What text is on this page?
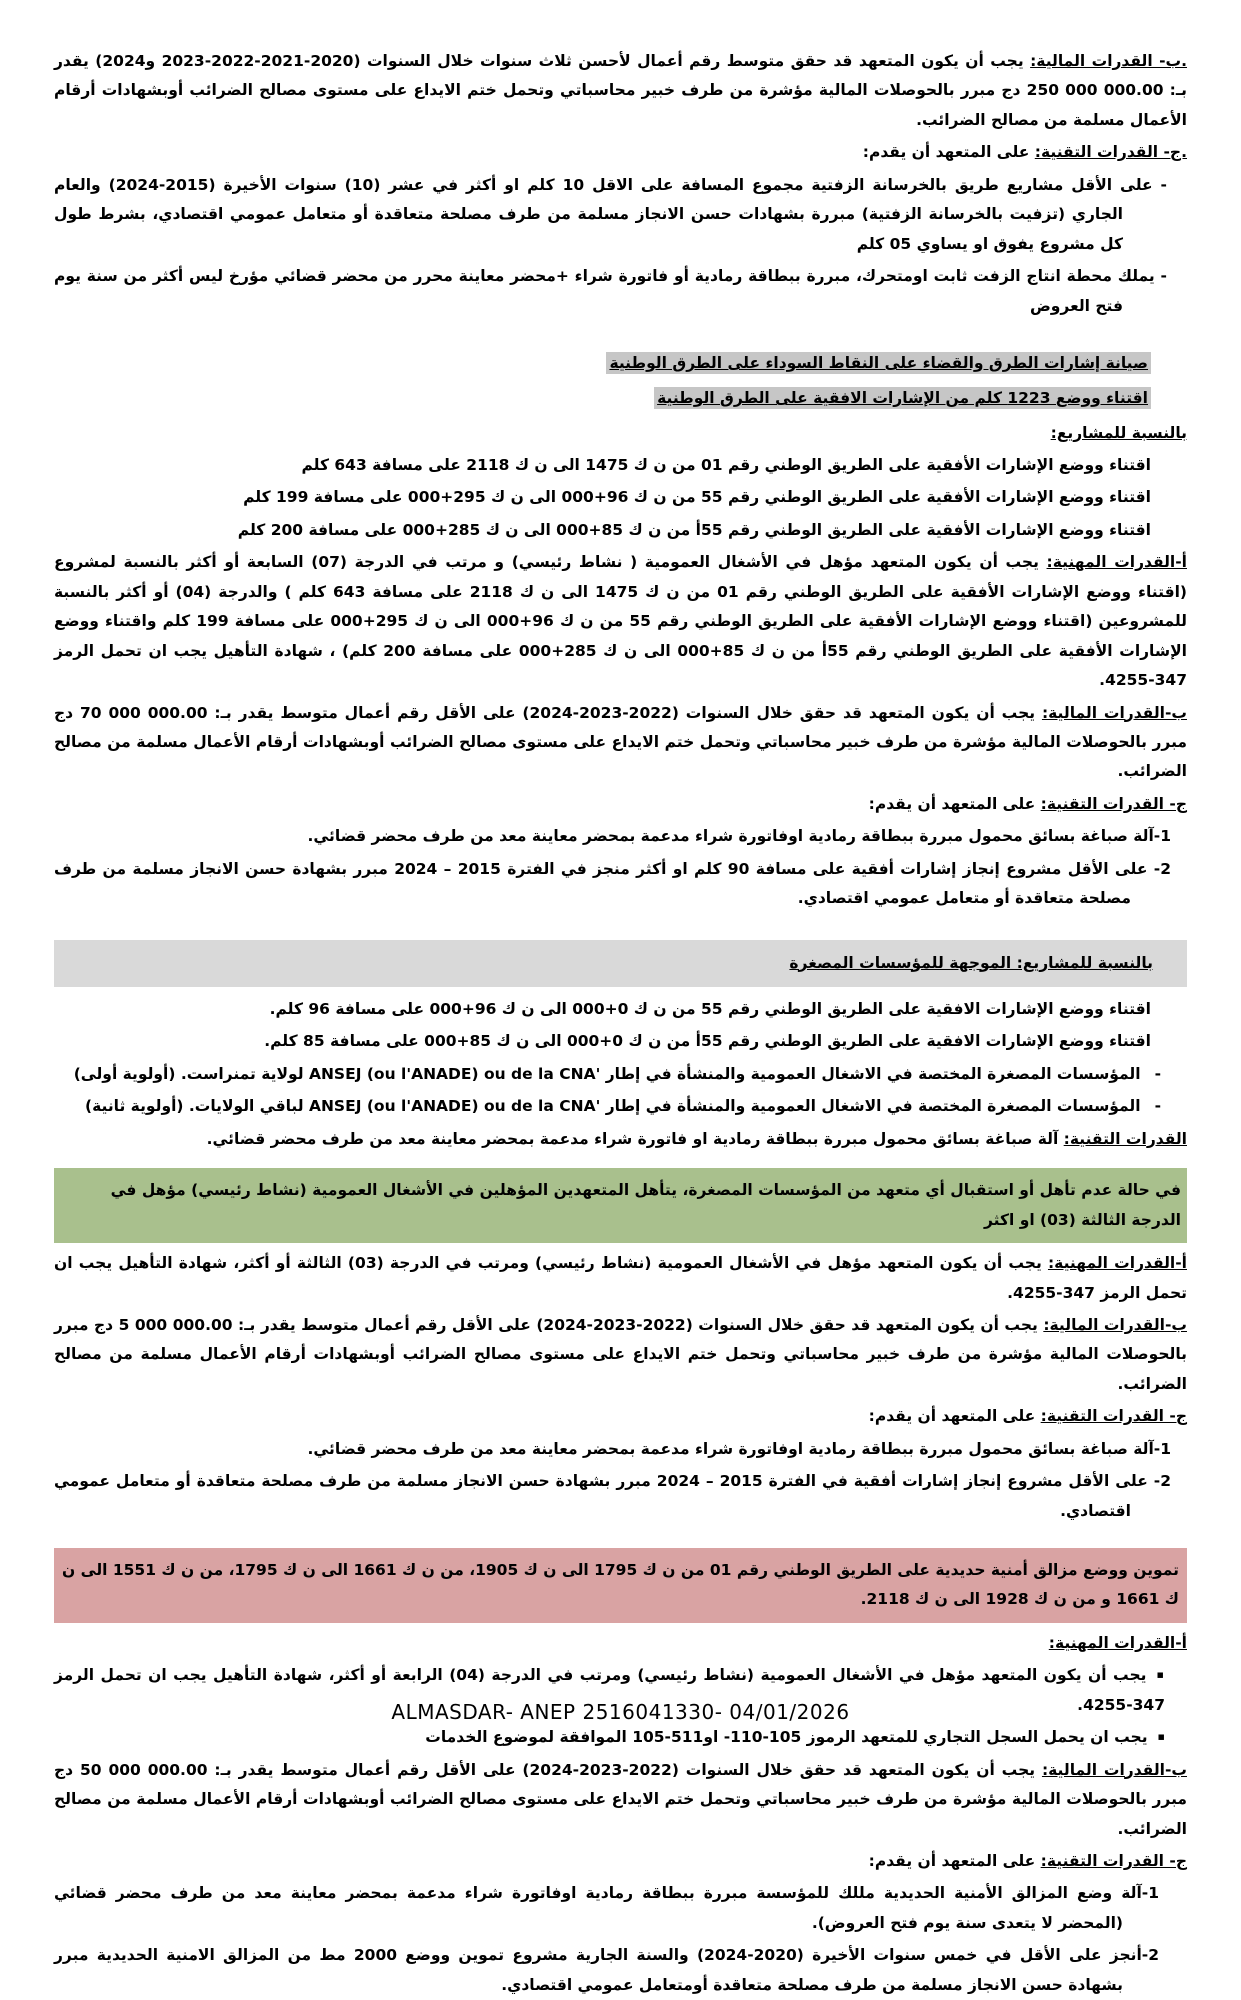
.ب- القدرات المالية: يجب أن يكون المتعهد قد حقق متوسط رقم أعمال لأحسن ثلاث سنوات خلال السنوات (2020-2021-2022-2023 و2024) يقدر بـ: 250 000 000.00 دج مبرر بالحوصلات المالية مؤشرة من طرف خبير محاسباتي وتحمل ختم الايداع على مستوى مصالح الضرائب أوبشهادات أرقام الأعمال مسلمة من مصالح الضرائب.

.ج- القدرات التقنية: على المتعهد أن يقدم:

- على الأقل مشاريع طريق بالخرسانة الزفتية مجموع المسافة على الاقل 10 كلم او أكثر في عشر (10) سنوات الأخيرة (2015-2024) والعام الجاري (تزفيت بالخرسانة الزفتية) مبررة بشهادات حسن الانجاز مسلمة من طرف مصلحة متعاقدة أو متعامل عمومي اقتصادي، بشرط طول كل مشروع يفوق او يساوي 05 كلم

- يملك محطة انتاج الزفت ثابت اومتحرك، مبررة ببطاقة رمادية أو فاتورة شراء +محضر معاينة محرر من محضر قضائي مؤرخ ليس أكثر من سنة يوم فتح العروض

صيانة إشارات الطرق والقضاء على النقاط السوداء على الطرق الوطنية
اقتناء ووضع 1223 كلم من الإشارات الافقية على الطرق الوطنية

بالنسبة للمشاريع:

اقتناء ووضع الإشارات الأفقية على الطريق الوطني رقم 01 من ن ك 1475 الى ن ك 2118 على مسافة 643 كلم

اقتناء ووضع الإشارات الأفقية على الطريق الوطني رقم 55 من ن ك 96+000 الى ن ك 295+000 على مسافة 199 كلم

اقتناء ووضع الإشارات الأفقية على الطريق الوطني رقم 55أ من ن ك 85+000 الى ن ك 285+000 على مسافة 200 كلم

أ-القدرات المهنية: يجب أن يكون المتعهد مؤهل في الأشغال العمومية ( نشاط رئيسي) و مرتب في الدرجة (07) السابعة أو أكثر بالنسبة لمشروع (اقتناء ووضع الإشارات الأفقية على الطريق الوطني رقم 01 من ن ك 1475 الى ن ك 2118 على مسافة 643 كلم ) والدرجة (04) أو أكثر بالنسبة للمشروعين (اقتناء ووضع الإشارات الأفقية على الطريق الوطني رقم 55 من ن ك 96+000 الى ن ك 295+000 على مسافة 199 كلم واقتناء ووضع الإشارات الأفقية على الطريق الوطني رقم 55أ من ن ك 85+000 الى ن ك 285+000 على مسافة 200 كلم) ، شهادة التأهيل يجب ان تحمل الرمز 347-4255.

ب-القدرات المالية: يجب أن يكون المتعهد قد حقق خلال السنوات (2022-2023-2024) على الأقل رقم أعمال متوسط يقدر بـ: 70 000 000.00 دج مبرر بالحوصلات المالية مؤشرة من طرف خبير محاسباتي وتحمل ختم الايداع على مستوى مصالح الضرائب أوبشهادات أرقام الأعمال مسلمة من مصالح الضرائب.

ج- القدرات التقنية: على المتعهد أن يقدم:

1-آلة صباغة بسائق محمول مبررة ببطاقة رمادية اوفاتورة شراء مدعمة بمحضر معاينة معد من طرف محضر قضائي.

2- على الأقل مشروع إنجاز إشارات أفقية على مسافة 90 كلم او أكثر منجز في الفترة 2015 – 2024 مبرر بشهادة حسن الانجاز مسلمة من طرف مصلحة متعاقدة أو متعامل عمومي اقتصادي.

بالنسبة للمشاريع: الموجهة للمؤسسات المصغرة

اقتناء ووضع الإشارات الافقية على الطريق الوطني رقم 55 من ن ك 0+000 الى ن ك 96+000 على مسافة 96 كلم.

اقتناء ووضع الإشارات الافقية على الطريق الوطني رقم 55أ من ن ك 0+000 الى ن ك 85+000 على مسافة 85 كلم.

-المؤسسات المصغرة المختصة في الاشغال العمومية والمنشأة في إطار 'ANSEJ (ou l'ANADE) ou de la CNA لولاية تمنراست. (أولوية أولى)

-المؤسسات المصغرة المختصة في الاشغال العمومية والمنشأة في إطار 'ANSEJ (ou l'ANADE) ou de la CNA لباقي الولايات. (أولوية ثانية)

القدرات التقنية: آلة صباغة بسائق محمول مبررة ببطاقة رمادية او فاتورة شراء مدعمة بمحضر معاينة معد من طرف محضر قضائي.

في حالة عدم تأهل أو استقبال أي متعهد من المؤسسات المصغرة، يتأهل المتعهدين المؤهلين في الأشغال العمومية (نشاط رئيسي) مؤهل في الدرجة الثالثة (03) او اكثر

أ-القدرات المهنية: يجب أن يكون المتعهد مؤهل في الأشغال العمومية (نشاط رئيسي) ومرتب في الدرجة (03) الثالثة أو أكثر، شهادة التأهيل يجب ان تحمل الرمز 347-4255.

ب-القدرات المالية: يجب أن يكون المتعهد قد حقق خلال السنوات (2022-2023-2024) على الأقل رقم أعمال متوسط يقدر بـ: 5 000 000.00 دج مبرر بالحوصلات المالية مؤشرة من طرف خبير محاسباتي وتحمل ختم الايداع على مستوى مصالح الضرائب أوبشهادات أرقام الأعمال مسلمة من مصالح الضرائب.

ج- القدرات التقنية: على المتعهد أن يقدم:

1-آلة صباغة بسائق محمول مبررة ببطاقة رمادية اوفاتورة شراء مدعمة بمحضر معاينة معد من طرف محضر قضائي.

2- على الأقل مشروع إنجاز إشارات أفقية في الفترة 2015 – 2024 مبرر بشهادة حسن الانجاز مسلمة من طرف مصلحة متعاقدة أو متعامل عمومي اقتصادي.

تموين ووضع مزالق أمنية حديدية على الطريق الوطني رقم 01 من ن ك 1795 الى ن ك 1905، من ن ك 1661 الى ن ك 1795، من ن ك 1551 الى ن ك 1661 و من ن ك 1928 الى ن ك 2118.

أ-القدرات المهنية:

▪يجب أن يكون المتعهد مؤهل في الأشغال العمومية (نشاط رئيسي) ومرتب في الدرجة (04) الرابعة أو أكثر، شهادة التأهيل يجب ان تحمل الرمز 347-4255.

▪يجب ان يحمل السجل التجاري للمتعهد الرموز 105-110- او511-105 الموافقة لموضوع الخدمات

ب-القدرات المالية: يجب أن يكون المتعهد قد حقق خلال السنوات (2022-2023-2024) على الأقل رقم أعمال متوسط يقدر بـ: 50 000 000.00 دج مبرر بالحوصلات المالية مؤشرة من طرف خبير محاسباتي وتحمل ختم الايداع على مستوى مصالح الضرائب أوبشهادات أرقام الأعمال مسلمة من مصالح الضرائب.

ج- القدرات التقنية: على المتعهد أن يقدم:

1-آلة وضع المزالق الأمنية الحديدية مللك للمؤسسة مبررة ببطاقة رمادية اوفاتورة شراء مدعمة بمحضر معاينة معد من طرف محضر قضائي (المحضر لا يتعدى سنة يوم فتح العروض).

2-أنجز على الأقل في خمس سنوات الأخيرة (2020-2024) والسنة الجارية مشروع تموين ووضع 2000 مط من المزالق الامنية الحديدية مبرر بشهادة حسن الانجاز مسلمة من طرف مصلحة متعاقدة أومتعامل عمومي اقتصادي.

ALMASDAR- ANEP 2516041330- 04/01/2026
